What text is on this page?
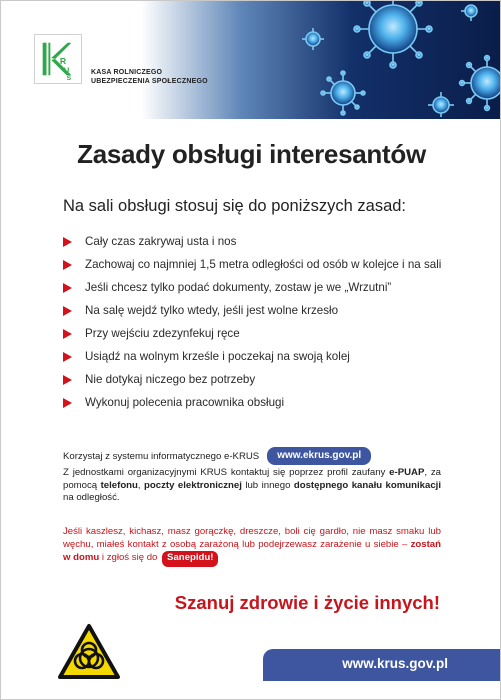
R
U
S
KASA ROLNICZEGO
UBEZPIECZENIA SPOŁECZNEGO
Zasady obsługi interesantów
Na sali obsługi stosuj się do poniższych zasad:
Cały czas zakrywaj usta i nos
Zachowaj co najmniej 1,5 metra odległości od osób w kolejce i na sali
Jeśli chcesz tylko podać dokumenty, zostaw je we „Wrzutni”
Na salę wejdź tylko wtedy, jeśli jest wolne krzesło
Przy wejściu zdezynfekuj ręce
Usiądź na wolnym krześle i poczekaj na swoją kolej
Nie dotykaj niczego bez potrzeby
Wykonuj polecenia pracownika obsługi
Korzystaj z systemu informatycznego e-KRUS	www.ekrus.gov.pl

Z jednostkami organizacyjnymi KRUS kontaktuj się poprzez profil zaufany e-PUAP, za pomocą telefonu, poczty elektronicznej lub innego dostępnego kanału komunikacji na odległość.

Jeśli kaszlesz, kichasz, masz gorączkę, dreszcze, boli cię gardło, nie masz smaku lub węchu, miałeś kontakt z osobą zarażoną lub podejrzewasz zarażenie u siebie – zostań w domu i zgłoś się do Sanepidu!

Szanuj zdrowie i życie innych!
www.krus.gov.pl
